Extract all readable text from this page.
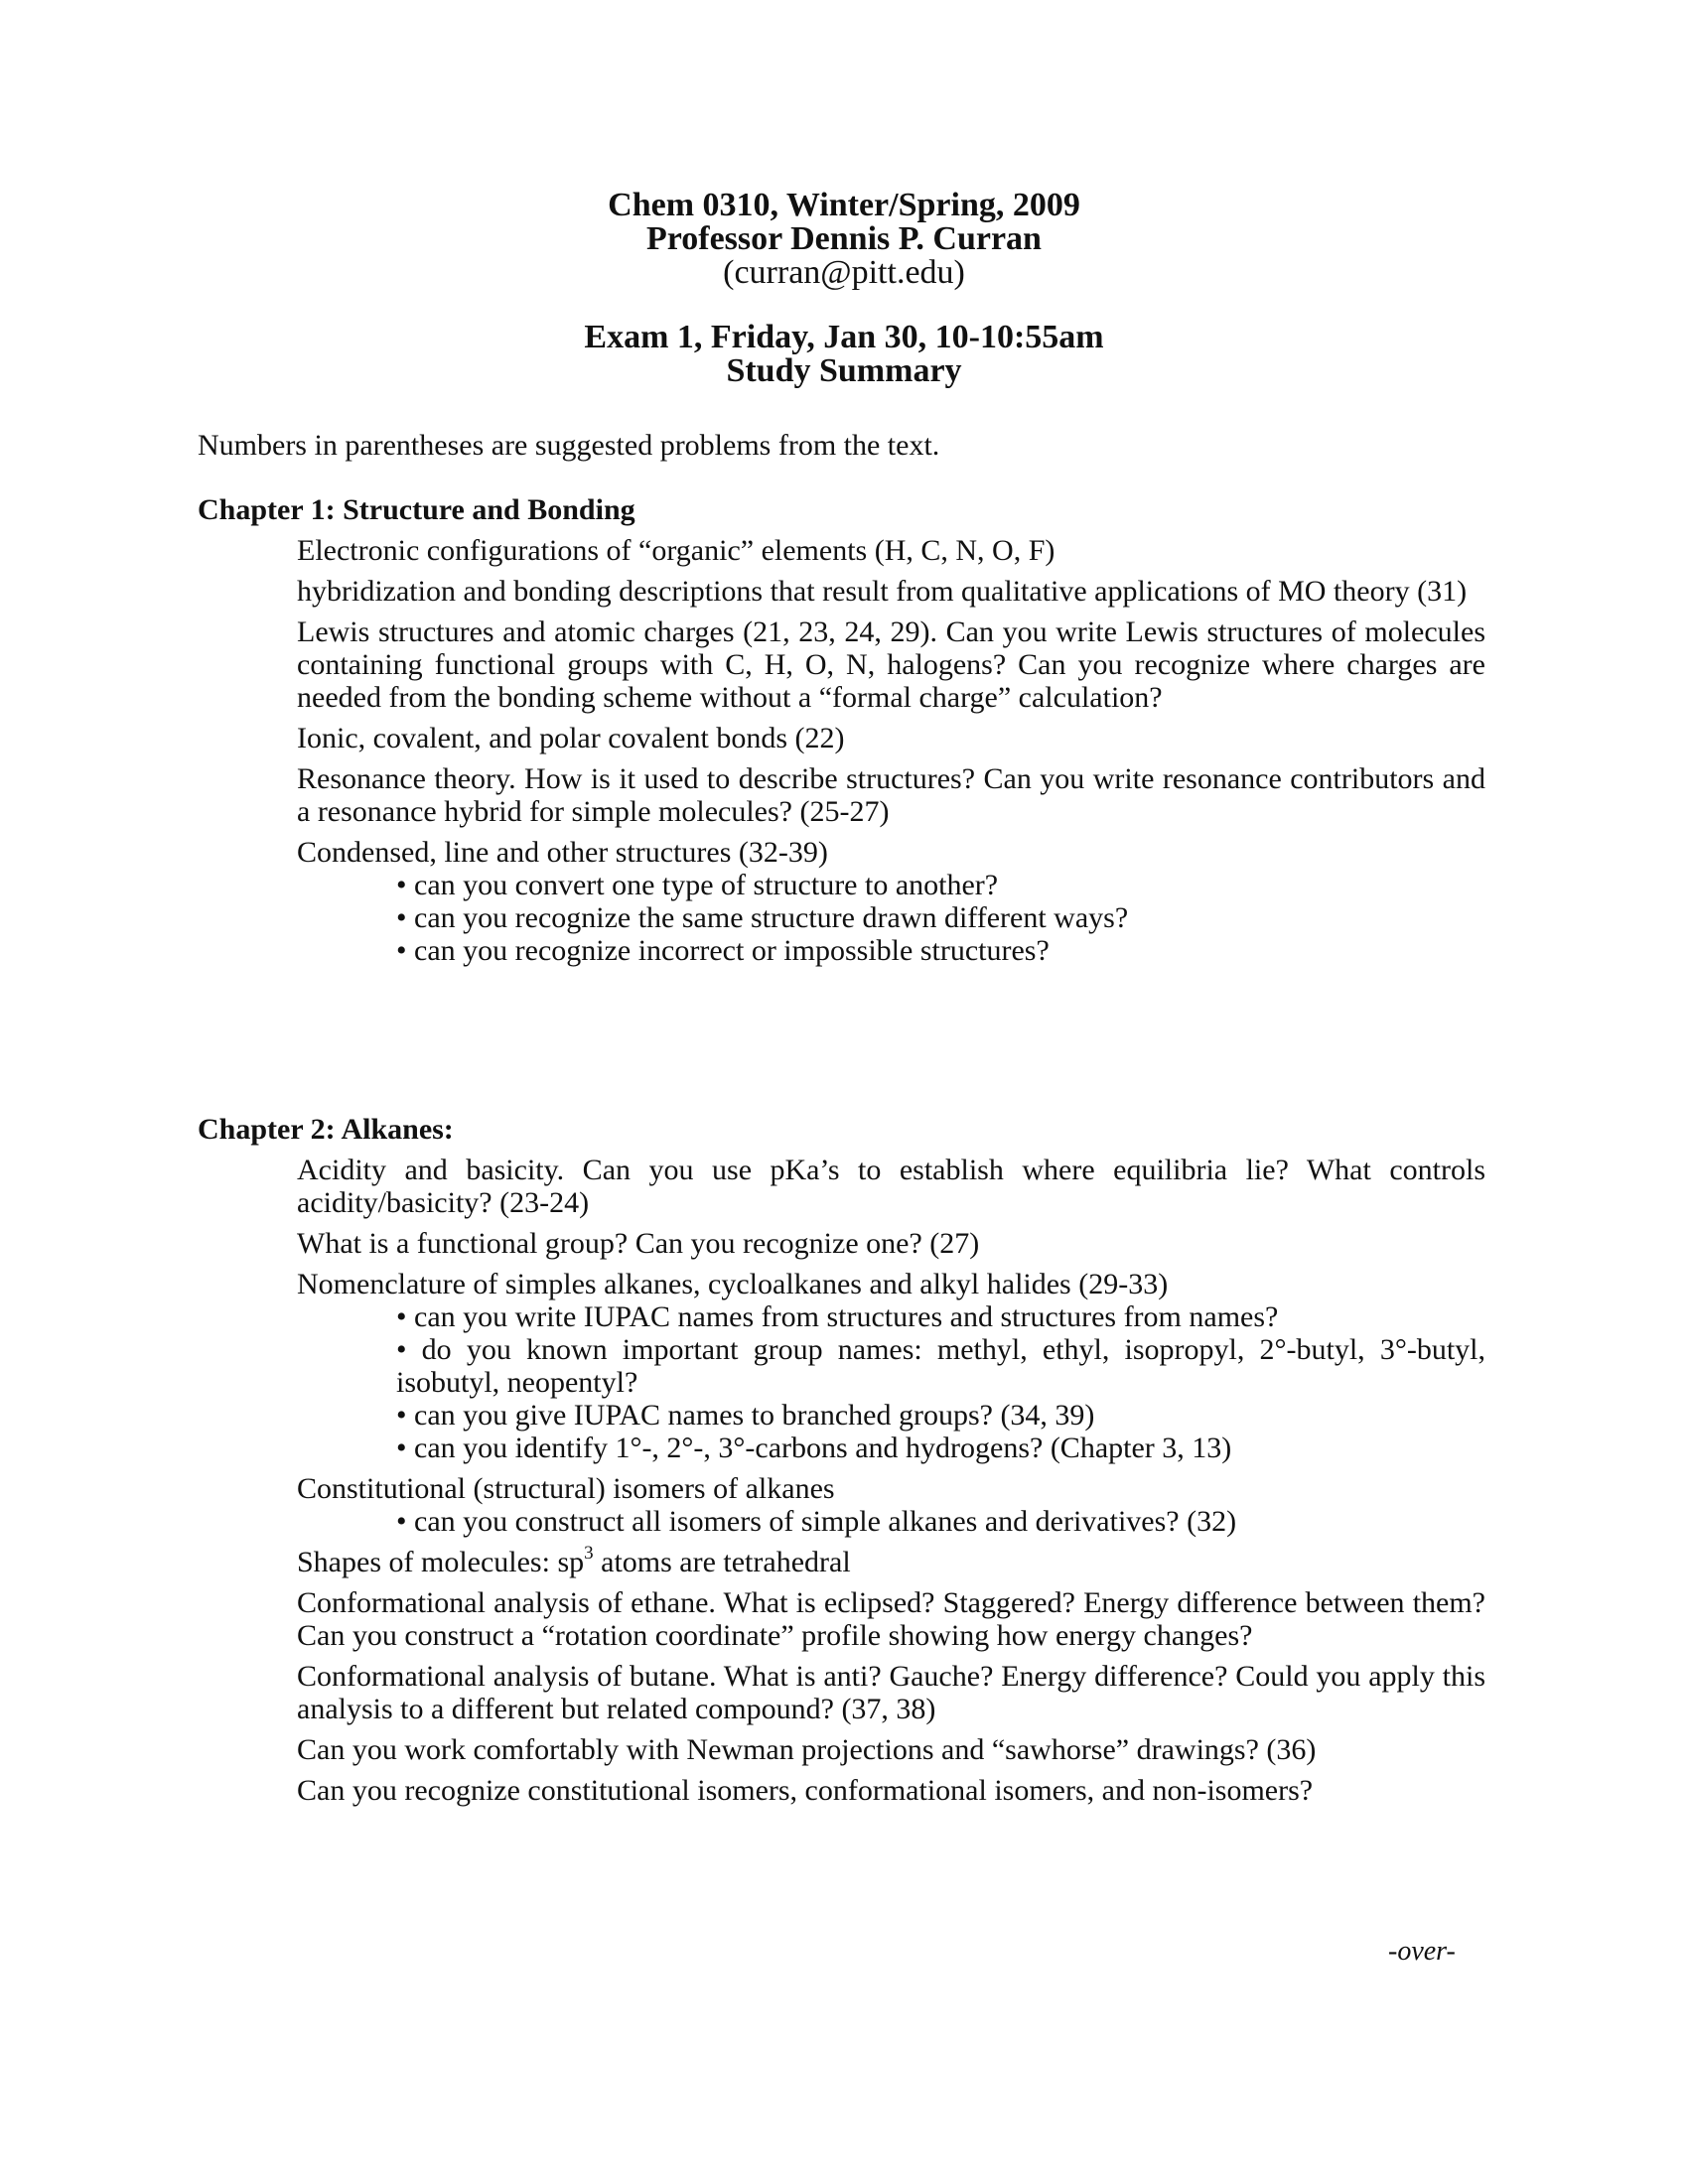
Chem 0310, Winter/Spring, 2009
Professor Dennis P. Curran
(curran@pitt.edu)
Exam 1, Friday, Jan 30, 10-10:55am
Study Summary
Numbers in parentheses are suggested problems from the text.
Chapter 1: Structure and Bonding
Electronic configurations of “organic” elements (H, C, N, O, F)
hybridization and bonding descriptions that result from qualitative applications of MO theory (31)
Lewis structures and atomic charges (21, 23, 24, 29). Can you write Lewis structures of molecules containing functional groups with C, H, O, N, halogens? Can you recognize where charges are needed from the bonding scheme without a “formal charge” calculation?
Ionic, covalent, and polar covalent bonds (22)
Resonance theory. How is it used to describe structures? Can you write resonance contributors and a resonance hybrid for simple molecules? (25-27)
Condensed, line and other structures (32-39)
• can you convert one type of structure to another?
• can you recognize the same structure drawn different ways?
• can you recognize incorrect or impossible structures?
Chapter 2: Alkanes:
Acidity and basicity. Can you use pKa’s to establish where equilibria lie? What controls acidity/basicity? (23-24)
What is a functional group? Can you recognize one? (27)
Nomenclature of simples alkanes, cycloalkanes and alkyl halides (29-33)
• can you write IUPAC names from structures and structures from names?
• do you known important group names: methyl, ethyl, isopropyl, 2°-butyl, 3°-butyl, isobutyl, neopentyl?
• can you give IUPAC names to branched groups? (34, 39)
• can you identify 1°-, 2°-, 3°-carbons and hydrogens? (Chapter 3, 13)
Constitutional (structural) isomers of alkanes
• can you construct all isomers of simple alkanes and derivatives? (32)
Shapes of molecules: $sp^3$ atoms are tetrahedral
Conformational analysis of ethane. What is eclipsed? Staggered? Energy difference between them? Can you construct a “rotation coordinate” profile showing how energy changes?
Conformational analysis of butane. What is anti? Gauche? Energy difference? Could you apply this analysis to a different but related compound? (37, 38)
Can you work comfortably with Newman projections and “sawhorse” drawings? (36)
Can you recognize constitutional isomers, conformational isomers, and non-isomers?
-over-
